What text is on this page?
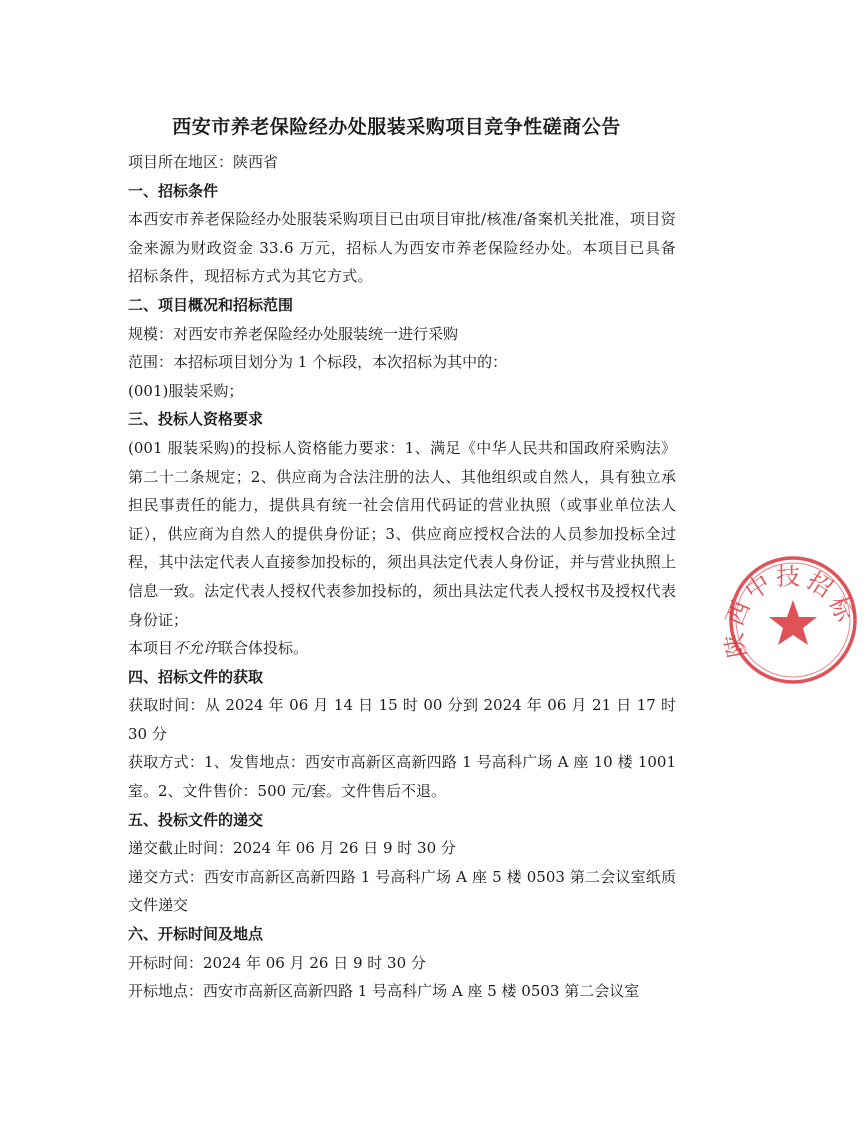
西安市养老保险经办处服装采购项目竞争性磋商公告

项目所在地区：陕西省

一、招标条件

本西安市养老保险经办处服装采购项目已由项目审批/核准/备案机关批准，项目资金来源为财政资金 33.6 万元，招标人为西安市养老保险经办处。本项目已具备招标条件，现招标方式为其它方式。

二、项目概况和招标范围

规模：对西安市养老保险经办处服装统一进行采购

范围：本招标项目划分为 1 个标段，本次招标为其中的：

(001)服装采购；

三、投标人资格要求

(001 服装采购)的投标人资格能力要求：1、满足《中华人民共和国政府采购法》第二十二条规定；2、供应商为合法注册的法人、其他组织或自然人，具有独立承担民事责任的能力，提供具有统一社会信用代码证的营业执照（或事业单位法人证），供应商为自然人的提供身份证；3、供应商应授权合法的人员参加投标全过程，其中法定代表人直接参加投标的，须出具法定代表人身份证，并与营业执照上信息一致。法定代表人授权代表参加投标的，须出具法定代表人授权书及授权代表身份证；

本项目不允许联合体投标。

四、招标文件的获取

获取时间：从 2024 年 06 月 14 日 15 时 00 分到 2024 年 06 月 21 日 17 时 30 分

获取方式：1、发售地点：西安市高新区高新四路 1 号高科广场 A 座 10 楼 1001 室。2、文件售价：500 元/套。文件售后不退。

五、投标文件的递交

递交截止时间：2024 年 06 月 26 日 9 时 30 分

递交方式：西安市高新区高新四路 1 号高科广场 A 座 5 楼 0503 第二会议室纸质文件递交

六、开标时间及地点

开标时间：2024 年 06 月 26 日 9 时 30 分

开标地点：西安市高新区高新四路 1 号高科广场 A 座 5 楼 0503 第二会议室

陕西中技招标
